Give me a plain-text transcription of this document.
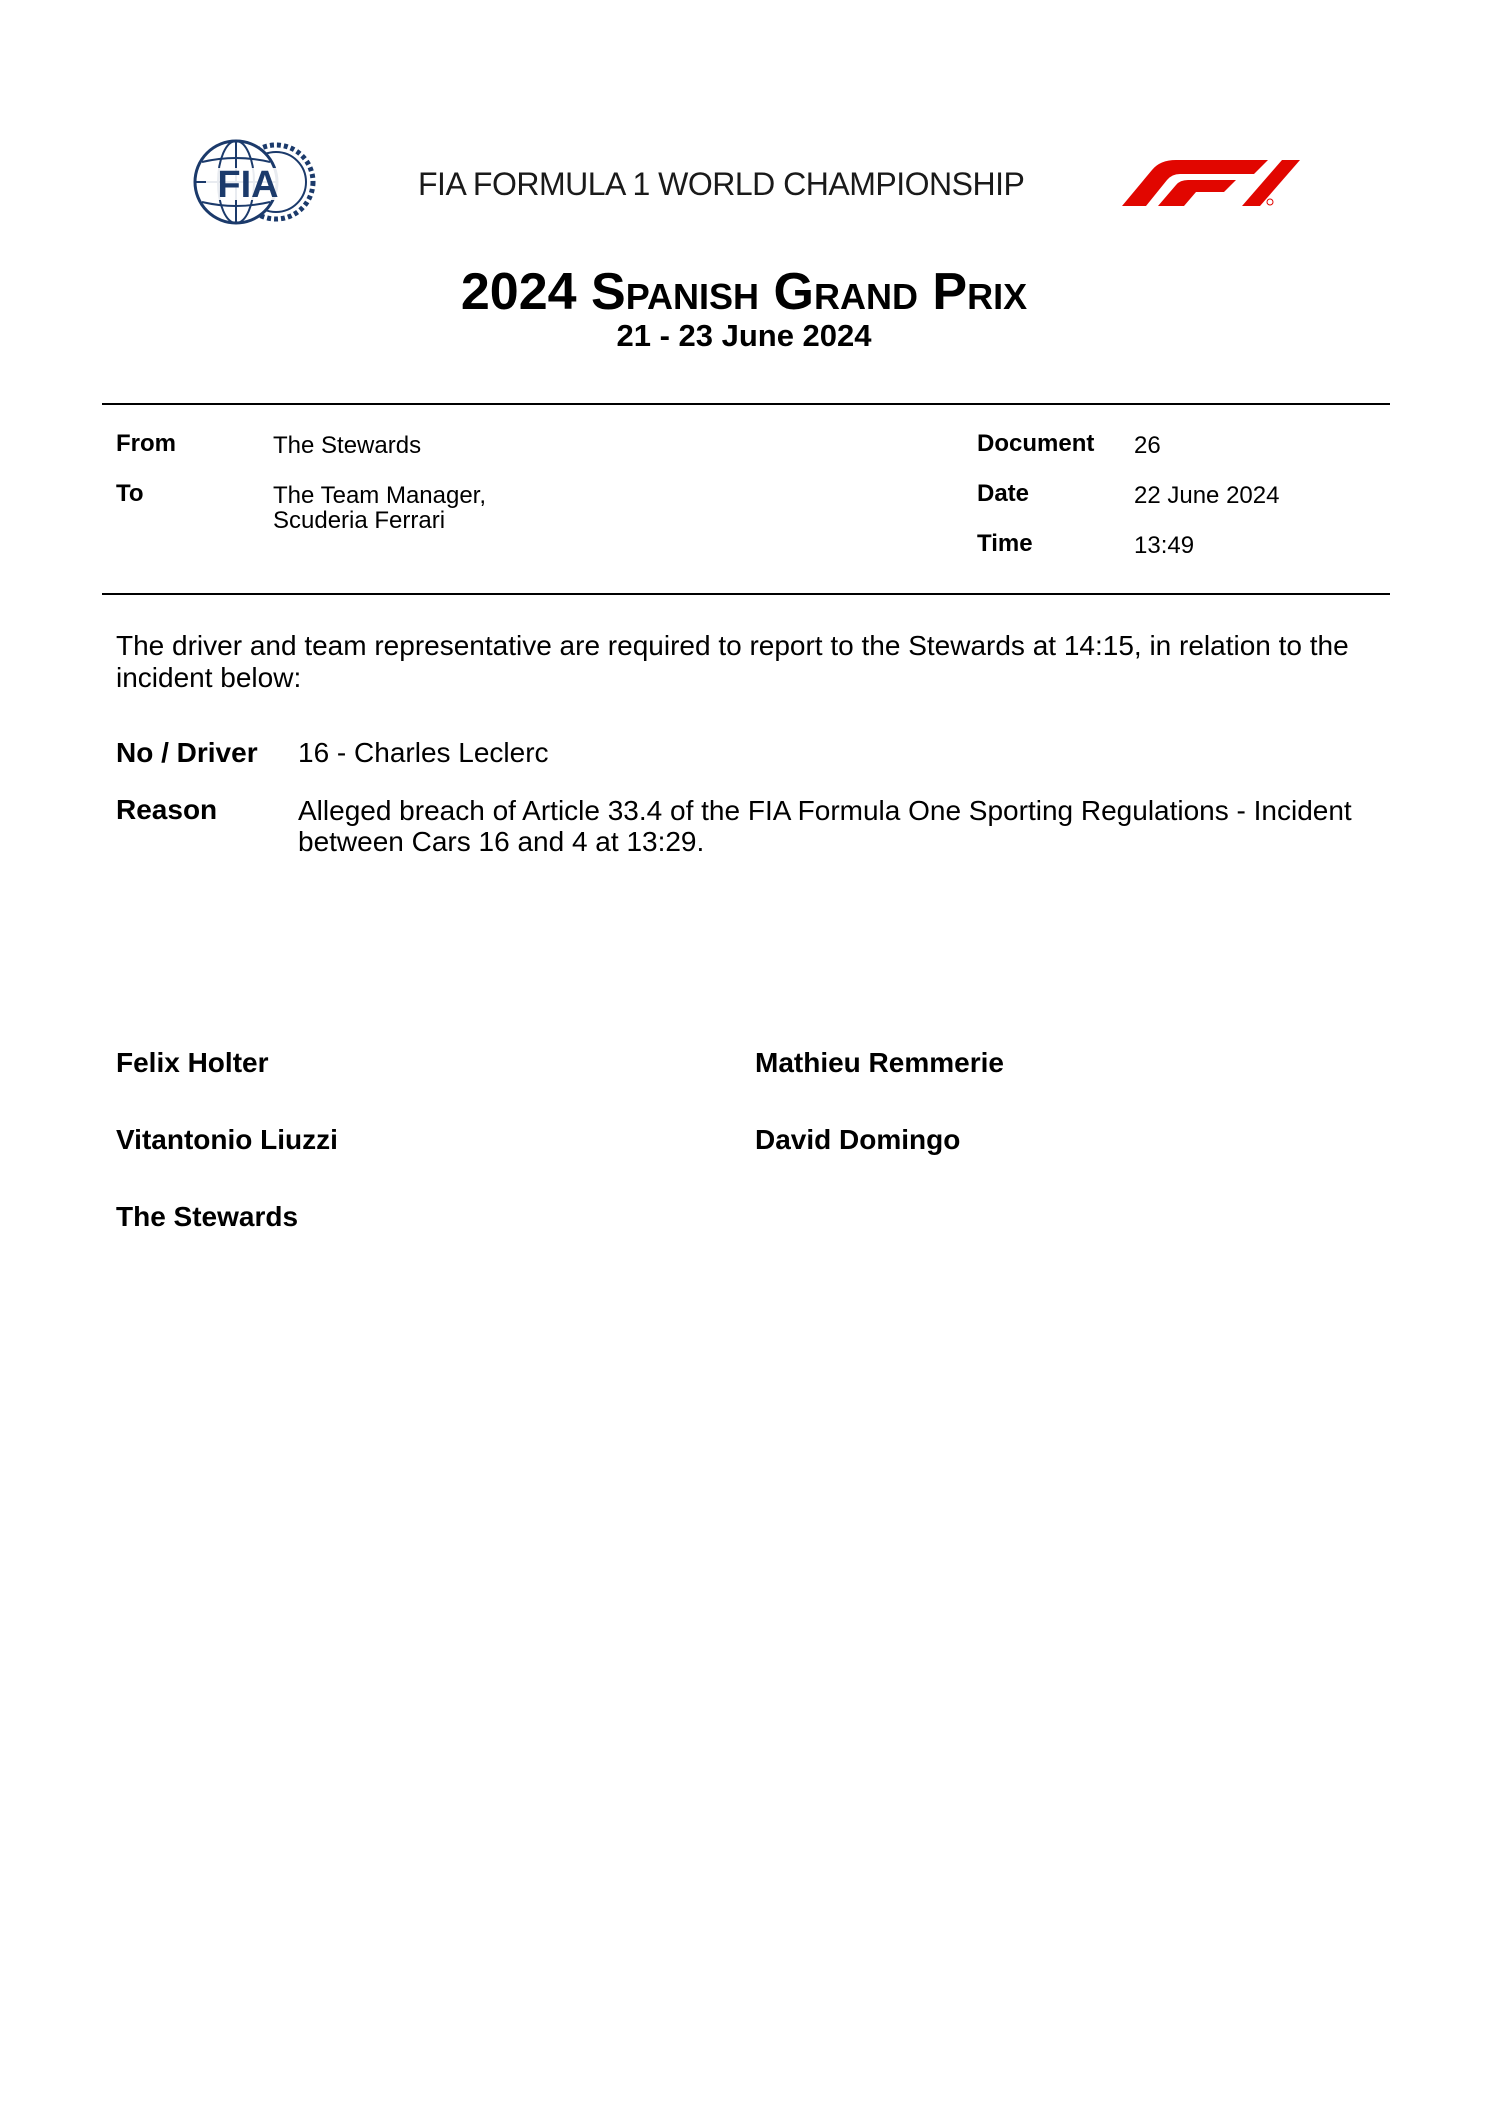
FIA	FIA FORMULA 1 WORLD CHAMPIONSHIP
2024 Spanish Grand Prix
21 - 23 June 2024
From	The Stewards
To	The Team Manager,
Scuderia Ferrari
Document 26
Date	22 June 2024
Time	13:49
The driver and team representative are required to report to the Stewards at 14:15, in relation to the
incident below:
No / Driver 16 - Charles Leclerc
Reason	Alleged breach of Article 33.4 of the FIA Formula One Sporting Regulations - Incident
between Cars 16 and 4 at 13:29.
Felix Holter	Mathieu Remmerie
Vitantonio Liuzzi	David Domingo
The Stewards
